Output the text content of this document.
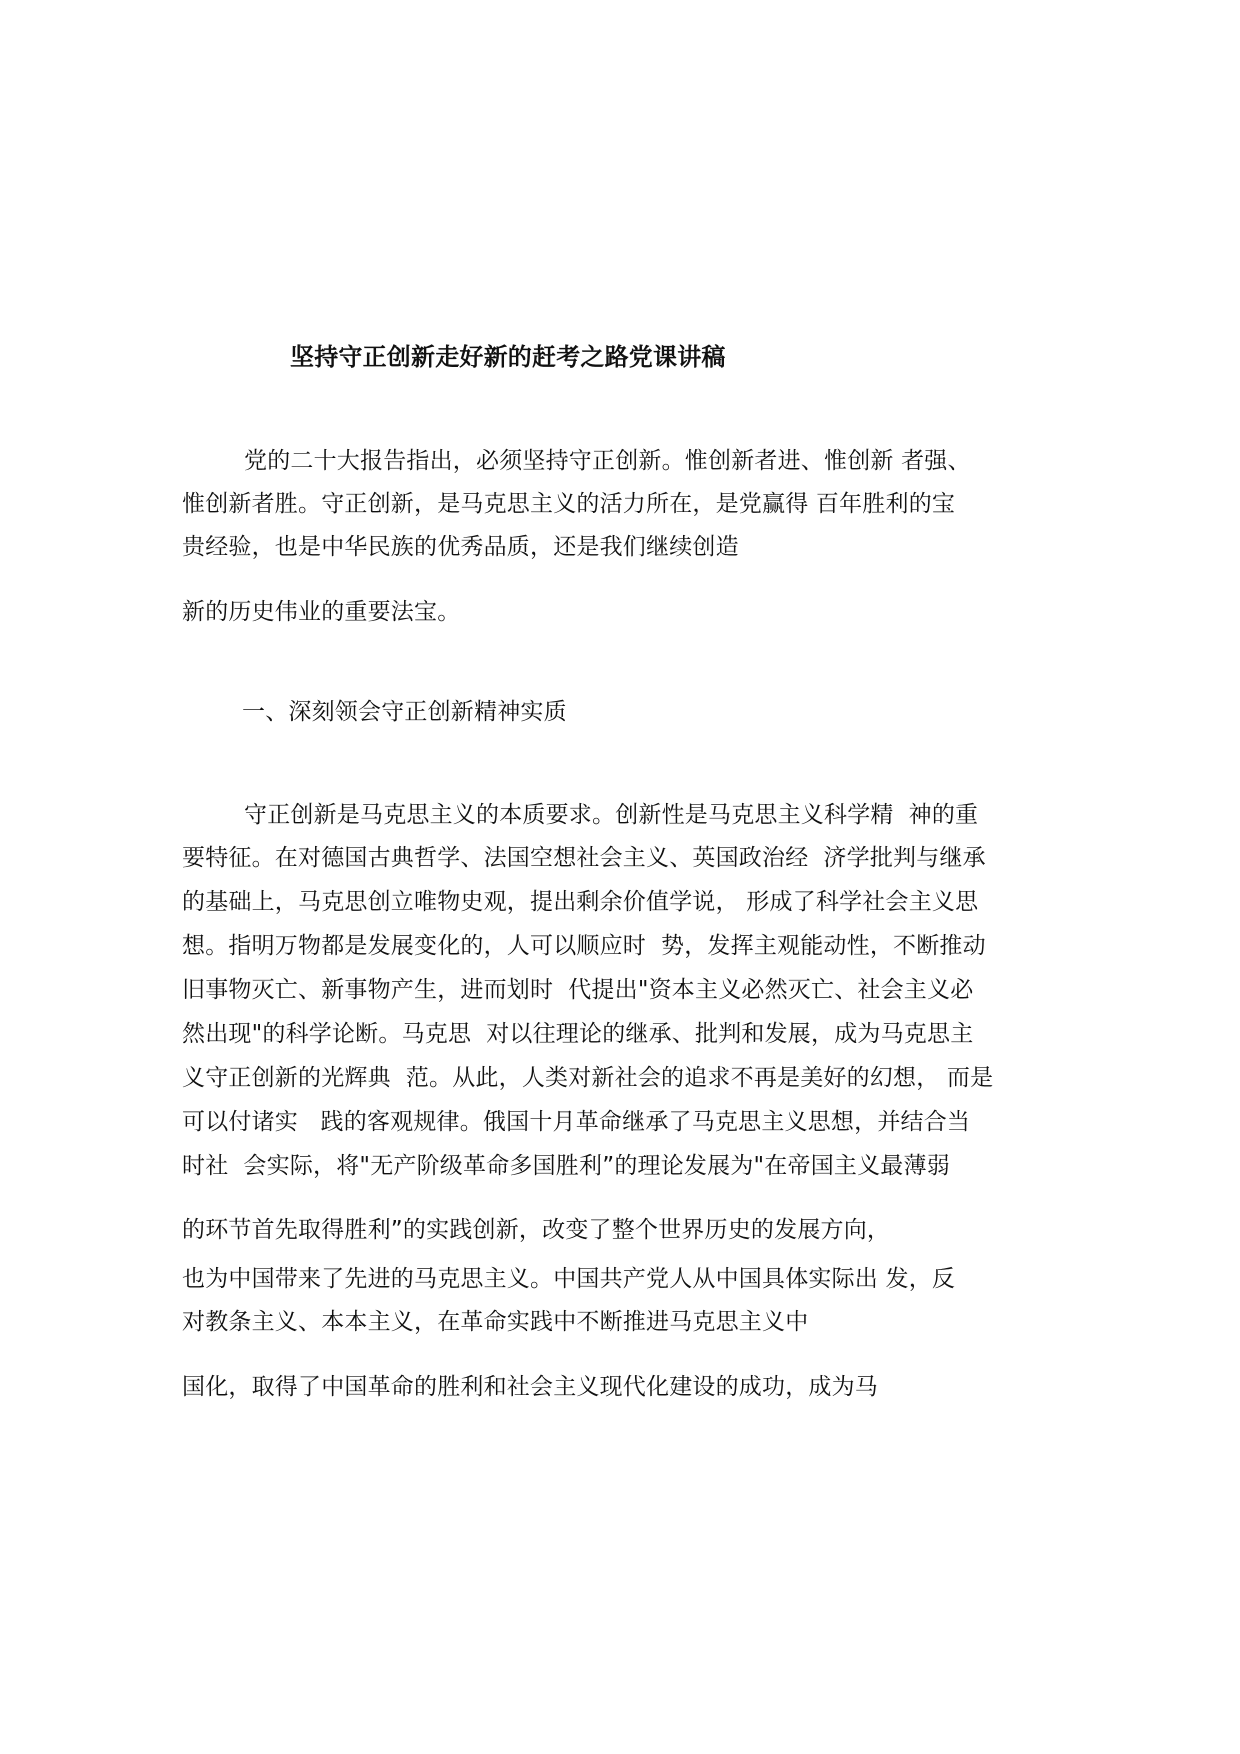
坚持守正创新走好新的赶考之路党课讲稿
党的二十大报告指出，必须坚持守正创新。惟创新者进、惟创新 者强、
惟创新者胜。守正创新，是马克思主义的活力所在，是党赢得 百年胜利的宝
贵经验，也是中华民族的优秀品质，还是我们继续创造
新的历史伟业的重要法宝。
一、深刻领会守正创新精神实质
守正创新是马克思主义的本质要求。创新性是马克思主义科学精  神的重
要特征。在对德国古典哲学、法国空想社会主义、英国政治经  济学批判与继承
的基础上，马克思创立唯物史观，提出剩余价值学说， 形成了科学社会主义思
想。指明万物都是发展变化的，人可以顺应时  势，发挥主观能动性，不断推动
旧事物灭亡、新事物产生，进而划时  代提出"资本主义必然灭亡、社会主义必
然出现"的科学论断。马克思  对以往理论的继承、批判和发展，成为马克思主
义守正创新的光辉典  范。从此，人类对新社会的追求不再是美好的幻想， 而是
可以付诸实   践的客观规律。俄国十月革命继承了马克思主义思想，并结合当
时社  会实际，将"无产阶级革命多国胜利”的理论发展为"在帝国主义最薄弱
的环节首先取得胜利”的实践创新，改变了整个世界历史的发展方向，
也为中国带来了先进的马克思主义。中国共产党人从中国具体实际出 发，反
对教条主义、本本主义，在革命实践中不断推进马克思主义中
国化，取得了中国革命的胜利和社会主义现代化建设的成功，成为马
